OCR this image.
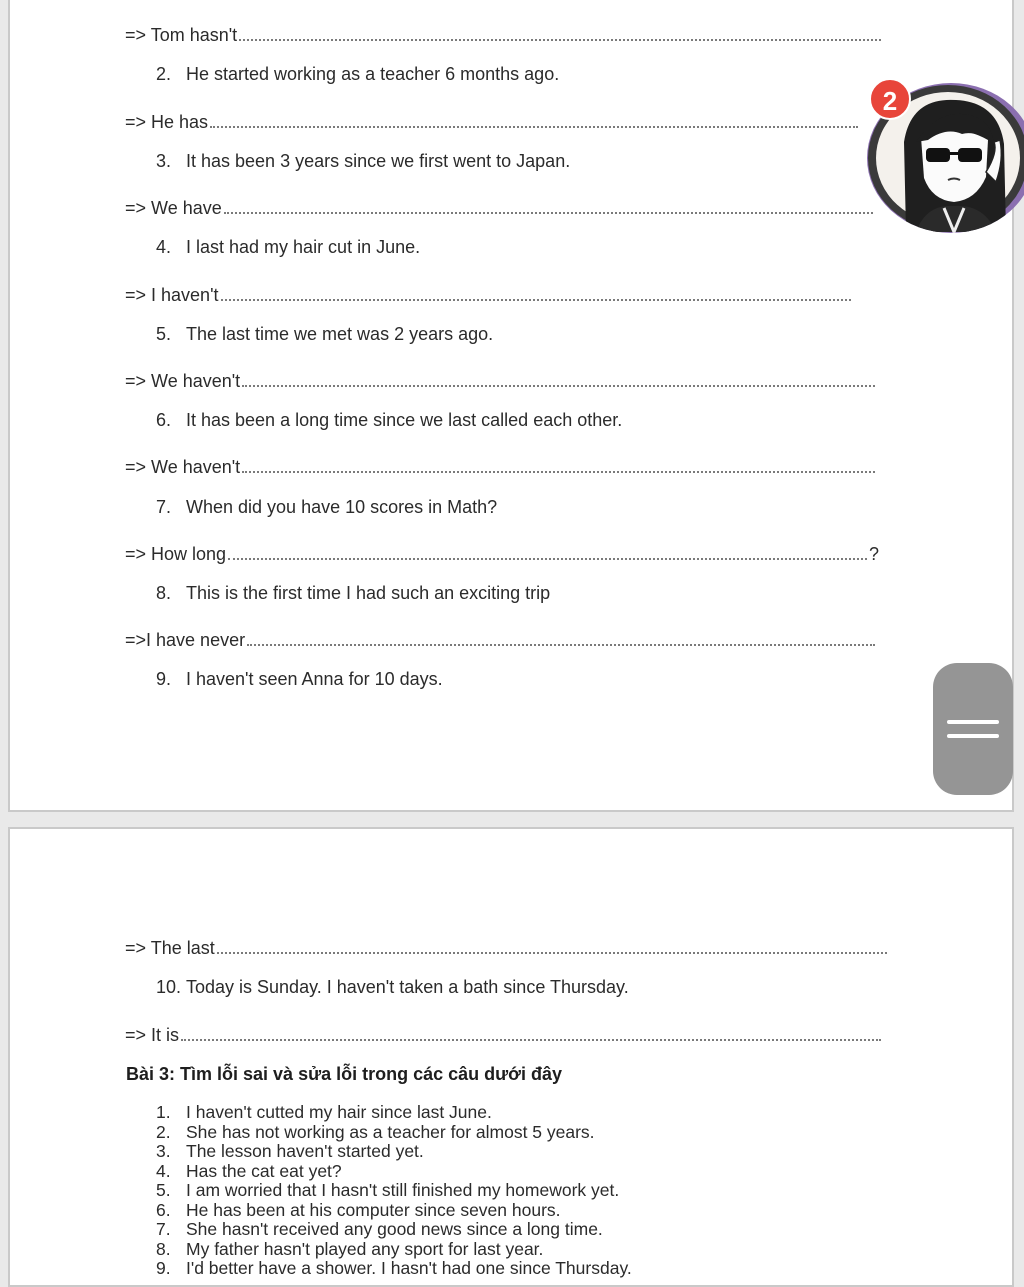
=> Tom hasn't
2. He started working as a teacher 6 months ago.
=> He has
3. It has been 3 years since we first went to Japan.
=> We have
4. I last had my hair cut in June.
=> I haven't
5. The last time we met was 2 years ago.
=> We haven't
6. It has been a long time since we last called each other.
=> We haven't
7. When did you have 10 scores in Math?
=> How long	?
8. This is the first time I had such an exciting trip
=>I have never
9. I haven't seen Anna for 10 days.
=> The last
10. Today is Sunday. I haven't taken a bath since Thursday.
=> It is
Bài 3: Tìm lỗi sai và sửa lỗi trong các câu dưới đây
1. I haven't cutted my hair since last June.
2. She has not working as a teacher for almost 5 years.
3. The lesson haven't started yet.
4. Has the cat eat yet?
5. I am worried that I hasn't still finished my homework yet.
6. He has been at his computer since seven hours.
7. She hasn't received any good news since a long time.
8. My father hasn't played any sport for last year.
9. I'd better have a shower. I hasn't had one since Thursday.
2
